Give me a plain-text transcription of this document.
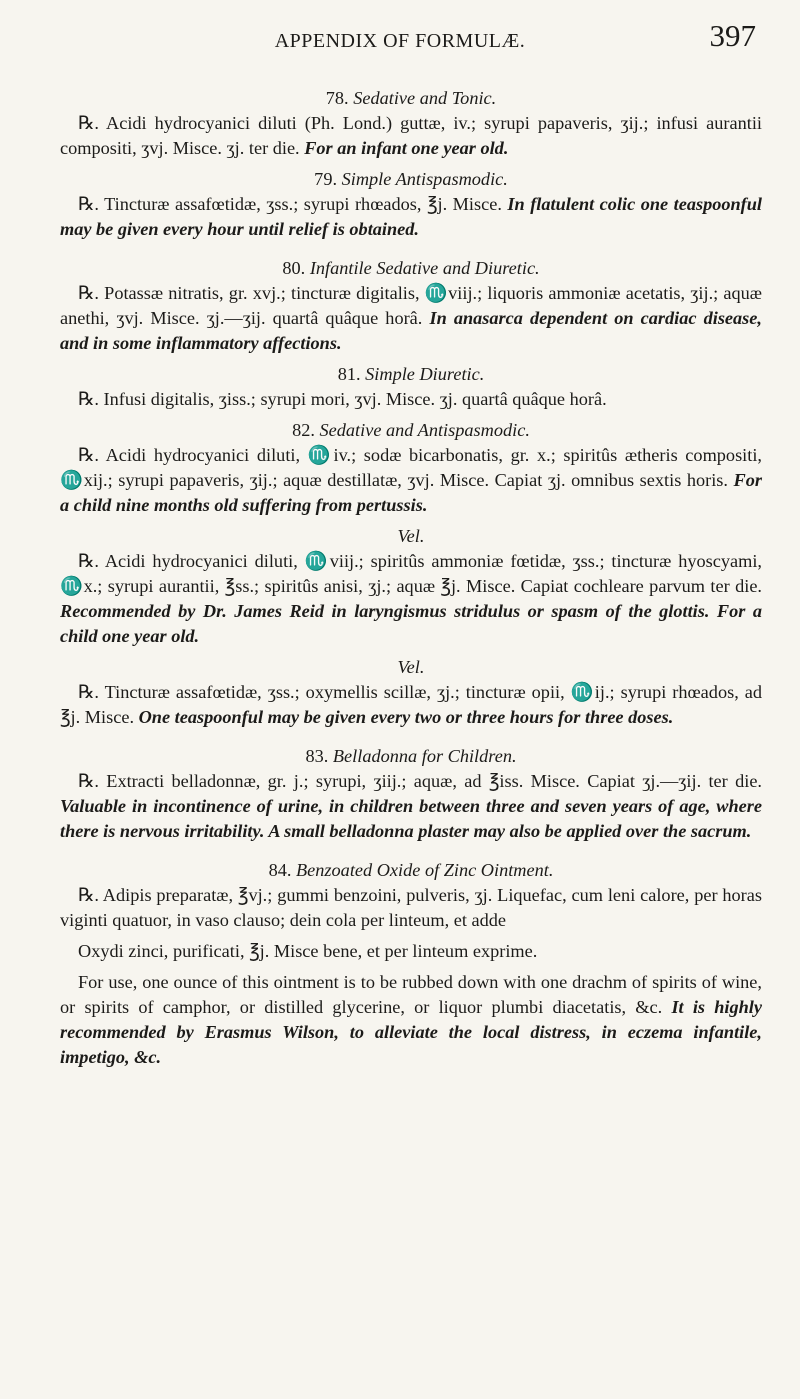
APPENDIX OF FORMULÆ.	397

78. Sedative and Tonic.

℞. Acidi hydrocyanici diluti (Ph. Lond.) guttæ, iv.; syrupi papaveris, ʒij.; infusi aurantii compositi, ʒvj. Misce. ʒj. ter die. For an infant one year old.

79. Simple Antispasmodic.

℞. Tincturæ assafœtidæ, ʒss.; syrupi rhœados, ℥j. Misce. In flatulent colic one teaspoonful may be given every hour until relief is obtained.

80. Infantile Sedative and Diuretic.

℞. Potassæ nitratis, gr. xvj.; tincturæ digitalis, ♏viij.; liquoris ammoniæ acetatis, ʒij.; aquæ anethi, ʒvj. Misce. ʒj.—ʒij. quartâ quâque horâ. In anasarca dependent on cardiac disease, and in some inflammatory affections.

81. Simple Diuretic.

℞. Infusi digitalis, ʒiss.; syrupi mori, ʒvj. Misce. ʒj. quartâ quâque horâ.

82. Sedative and Antispasmodic.

℞. Acidi hydrocyanici diluti, ♏iv.; sodæ bicarbonatis, gr. x.; spiritûs ætheris compositi, ♏xij.; syrupi papaveris, ʒij.; aquæ destillatæ, ʒvj. Misce. Capiat ʒj. omnibus sextis horis. For a child nine months old suffering from pertussis.

Vel.

℞. Acidi hydrocyanici diluti, ♏viij.; spiritûs ammoniæ fœtidæ, ʒss.; tincturæ hyoscyami, ♏x.; syrupi aurantii, ℥ss.; spiritûs anisi, ʒj.; aquæ ℥j. Misce. Capiat cochleare parvum ter die. Recommended by Dr. James Reid in laryngismus stridulus or spasm of the glottis. For a child one year old.

Vel.

℞. Tincturæ assafœtidæ, ʒss.; oxymellis scillæ, ʒj.; tincturæ opii, ♏ij.; syrupi rhœados, ad ℥j. Misce. One teaspoonful may be given every two or three hours for three doses.

83. Belladonna for Children.

℞. Extracti belladonnæ, gr. j.; syrupi, ʒiij.; aquæ, ad ℥iss. Misce. Capiat ʒj.—ʒij. ter die. Valuable in incontinence of urine, in children between three and seven years of age, where there is nervous irritability. A small belladonna plaster may also be applied over the sacrum.

84. Benzoated Oxide of Zinc Ointment.

℞. Adipis preparatæ, ℥vj.; gummi benzoini, pulveris, ʒj. Liquefac, cum leni calore, per horas viginti quatuor, in vaso clauso; dein cola per linteum, et adde

Oxydi zinci, purificati, ℥j. Misce bene, et per linteum exprime.

For use, one ounce of this ointment is to be rubbed down with one drachm of spirits of wine, or spirits of camphor, or distilled glycerine, or liquor plumbi diacetatis, &c. It is highly recommended by Erasmus Wilson, to alleviate the local distress, in eczema infantile, impetigo, &c.
